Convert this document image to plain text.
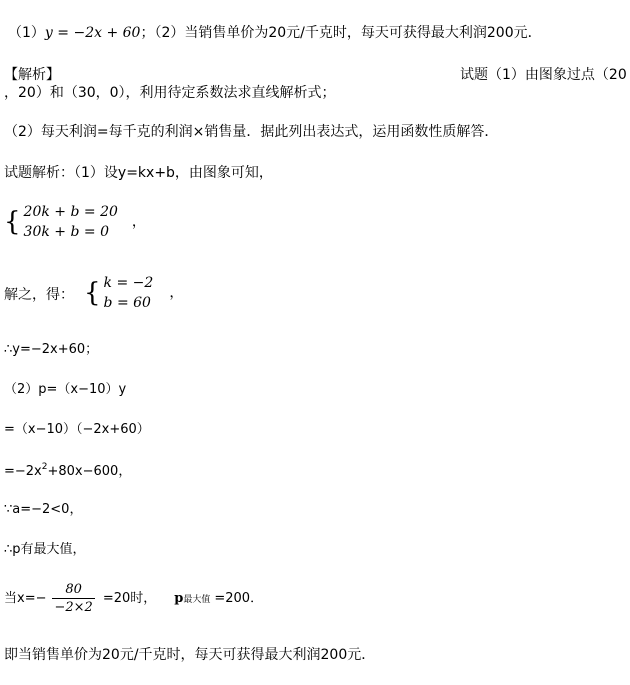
（1）y = −2x + 60；（2）当销售单价为20元/千克时，每天可获得最大利润200元．
【解析】	试题（1）由图象过点（20
，20）和（30，0），利用待定系数法求直线解析式；
（2）每天利润=每千克的利润×销售量．据此列出表达式，运用函数性质解答．
试题解析：（1）设y=kx+b，由图象可知，
{ 20k + b = 20
30k + b = 0
，
解之，得： { k = −2
b = 60
，
∴y=−2x+60；
（2）p=（x−10）y
=（x−10）（−2x+60）
$=-2x^2+80x-600$，
∵a=−2<0，
∴p有最大值，
当$x=- \frac{80}{-2\times 2} =20$时， p最大值 =200．
即当销售单价为20元/千克时，每天可获得最大利润200元．
